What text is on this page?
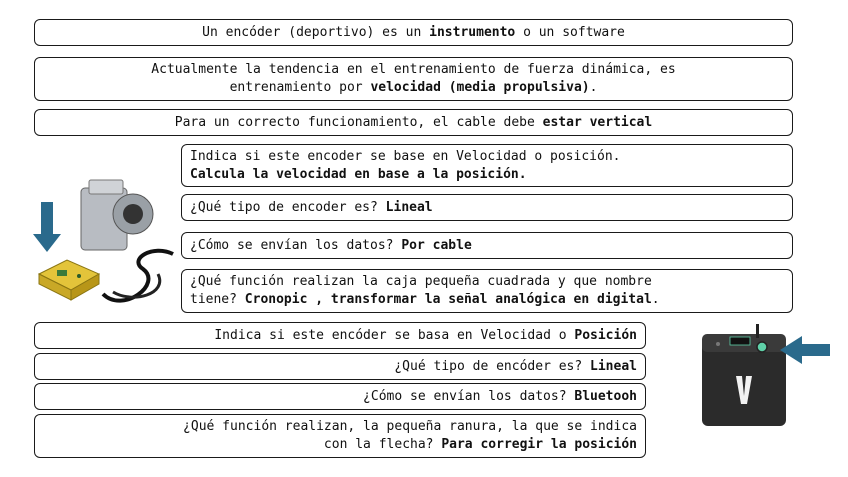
Un encóder (deportivo) es un instrumento o un software
Actualmente la tendencia en el entrenamiento de fuerza dinámica, es
entrenamiento por velocidad (media propulsiva).
Para un correcto funcionamiento, el cable debe estar vertical
Indica si este encoder se base en Velocidad o posición.
Calcula la velocidad en base a la posición.
¿Qué tipo de encoder es? Lineal
¿Cómo se envían los datos? Por cable
¿Qué función realizan la caja pequeña cuadrada y que nombre
tiene? Cronopic , transformar la señal analógica en digital.
Indica si este encóder se basa en Velocidad o Posición
¿Qué tipo de encóder es? Lineal
¿Cómo se envían los datos? Bluetooh
¿Qué función realizan, la pequeña ranura, la que se indica
con la flecha? Para corregir la posición
